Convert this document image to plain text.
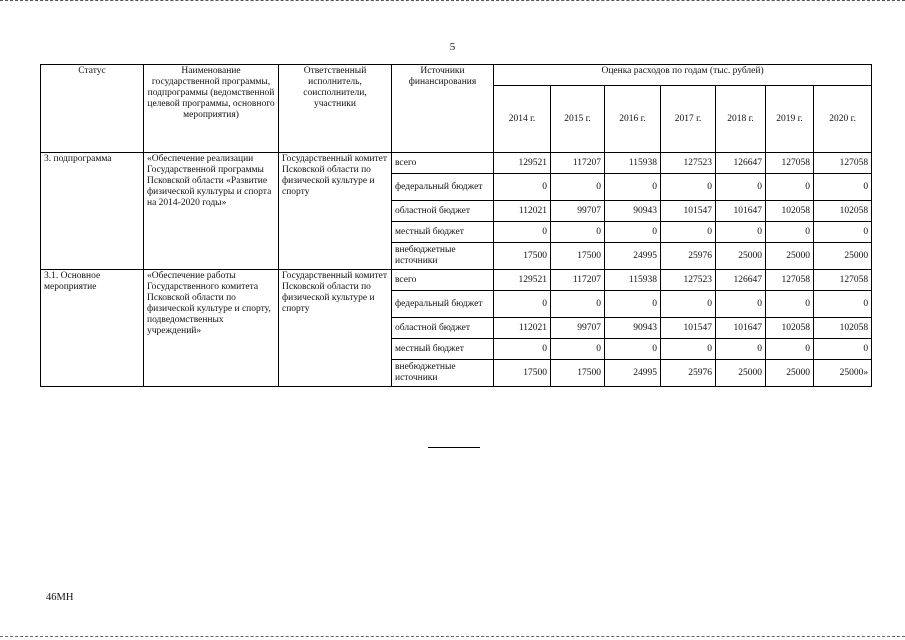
5
Статус	Наименование государственной программы, подпрограммы (ведомственной целевой программы, основного мероприятия)	Ответственный исполнитель, соисполнители, участники	Источники финансирования	Оценка расходов по годам (тыс. рублей)						
				2014 г.	2015 г.	2016 г.	2017 г.	2018 г.	2019 г.	2020 г.
3. подпрограмма	«Обеспечение реализации Государственной программы Псковской области «Развитие физической культуры и спорта на 2014-2020 годы»	Государственный комитет Псковской области по физической культуре и спорту	всего	129521	117207	115938	127523	126647	127058	127058
			федеральный бюджет	0	0	0	0	0	0	0
			областной бюджет	112021	99707	90943	101547	101647	102058	102058
			местный бюджет	0	0	0	0	0	0	0
			внебюджетные источники	17500	17500	24995	25976	25000	25000	25000
3.1. Основное мероприятие	«Обеспечение работы Государственного комитета Псковской области по физической культуре и спорту, подведомственных учреждений»	Государственный комитет Псковской области по физической культуре и спорту	всего	129521	117207	115938	127523	126647	127058	127058
			федеральный бюджет	0	0	0	0	0	0	0
			областной бюджет	112021	99707	90943	101547	101647	102058	102058
			местный бюджет	0	0	0	0	0	0	0
			внебюджетные источники	17500	17500	24995	25976	25000	25000	25000»
46МН
